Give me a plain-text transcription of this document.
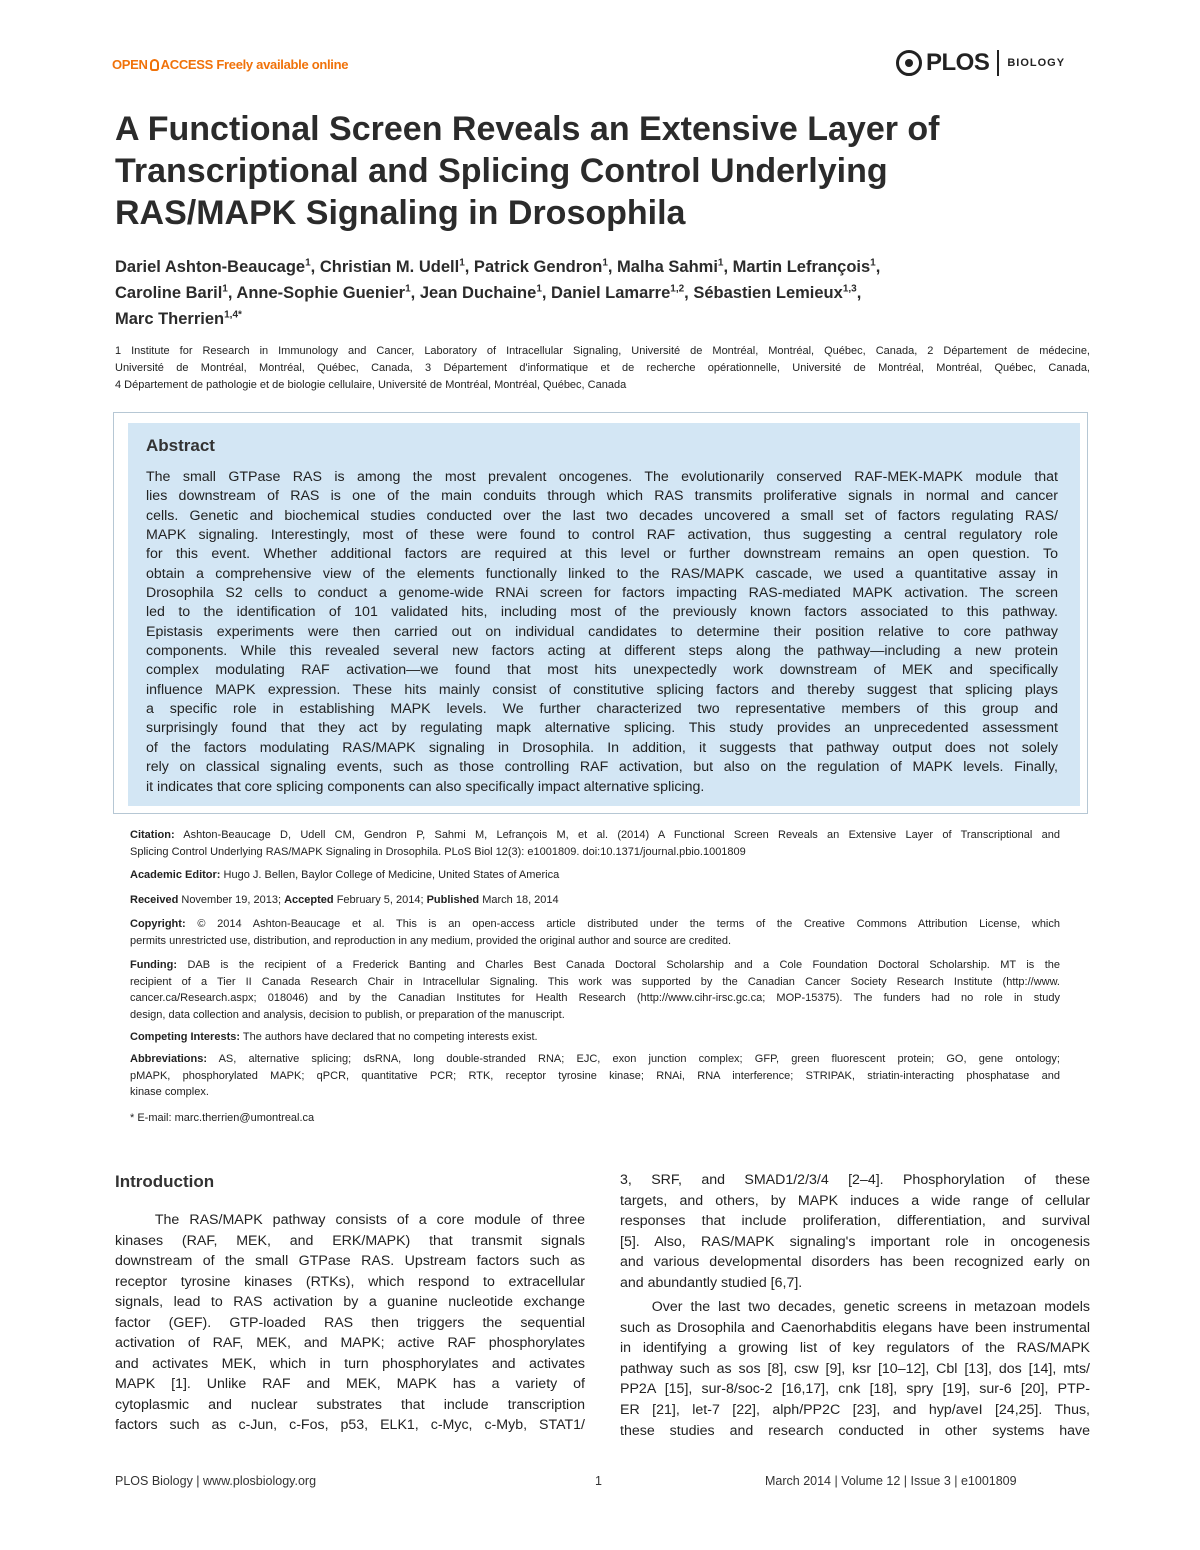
OPEN ACCESS Freely available online	PLOS BIOLOGY
A Functional Screen Reveals an Extensive Layer of
Transcriptional and Splicing Control Underlying
RAS/MAPK Signaling in Drosophila
Dariel Ashton-Beaucage$^1$, Christian M. Udell$^1$, Patrick Gendron$^1$, Malha Sahmi$^1$, Martin Lefrançois$^1$,
Caroline Baril$^1$, Anne-Sophie Guenier$^1$, Jean Duchaine$^1$, Daniel Lamarre$^{1,2}$, Sébastien Lemieux$^{1,3}$,
Marc Therrien$^{1,4*}$
1 Institute for Research in Immunology and Cancer, Laboratory of Intracellular Signaling, Université de Montréal, Montréal, Québec, Canada, 2 Département de médecine,
Université de Montréal, Montréal, Québec, Canada, 3 Département d'informatique et de recherche opérationnelle, Université de Montréal, Montréal, Québec, Canada,
4 Département de pathologie et de biologie cellulaire, Université de Montréal, Montréal, Québec, Canada
Abstract
The small GTPase RAS is among the most prevalent oncogenes. The evolutionarily conserved RAF-MEK-MAPK module that
lies downstream of RAS is one of the main conduits through which RAS transmits proliferative signals in normal and cancer
cells. Genetic and biochemical studies conducted over the last two decades uncovered a small set of factors regulating RAS/
MAPK signaling. Interestingly, most of these were found to control RAF activation, thus suggesting a central regulatory role
for this event. Whether additional factors are required at this level or further downstream remains an open question. To
obtain a comprehensive view of the elements functionally linked to the RAS/MAPK cascade, we used a quantitative assay in
Drosophila S2 cells to conduct a genome-wide RNAi screen for factors impacting RAS-mediated MAPK activation. The screen
led to the identification of 101 validated hits, including most of the previously known factors associated to this pathway.
Epistasis experiments were then carried out on individual candidates to determine their position relative to core pathway
components. While this revealed several new factors acting at different steps along the pathway—including a new protein
complex modulating RAF activation—we found that most hits unexpectedly work downstream of MEK and specifically
influence MAPK expression. These hits mainly consist of constitutive splicing factors and thereby suggest that splicing plays
a specific role in establishing MAPK levels. We further characterized two representative members of this group and
surprisingly found that they act by regulating mapk alternative splicing. This study provides an unprecedented assessment
of the factors modulating RAS/MAPK signaling in Drosophila. In addition, it suggests that pathway output does not solely
rely on classical signaling events, such as those controlling RAF activation, but also on the regulation of MAPK levels. Finally,
it indicates that core splicing components can also specifically impact alternative splicing.
Citation: Ashton-Beaucage D, Udell CM, Gendron P, Sahmi M, Lefrançois M, et al. (2014) A Functional Screen Reveals an Extensive Layer of Transcriptional and
Splicing Control Underlying RAS/MAPK Signaling in Drosophila. PLoS Biol 12(3): e1001809. doi:10.1371/journal.pbio.1001809
Academic Editor: Hugo J. Bellen, Baylor College of Medicine, United States of America
Received November 19, 2013; Accepted February 5, 2014; Published March 18, 2014
Copyright: © 2014 Ashton-Beaucage et al. This is an open-access article distributed under the terms of the Creative Commons Attribution License, which
permits unrestricted use, distribution, and reproduction in any medium, provided the original author and source are credited.
Funding: DAB is the recipient of a Frederick Banting and Charles Best Canada Doctoral Scholarship and a Cole Foundation Doctoral Scholarship. MT is the
recipient of a Tier II Canada Research Chair in Intracellular Signaling. This work was supported by the Canadian Cancer Society Research Institute (http://www.
cancer.ca/Research.aspx; 018046) and by the Canadian Institutes for Health Research (http://www.cihr-irsc.gc.ca; MOP-15375). The funders had no role in study
design, data collection and analysis, decision to publish, or preparation of the manuscript.
Competing Interests: The authors have declared that no competing interests exist.
Abbreviations: AS, alternative splicing; dsRNA, long double-stranded RNA; EJC, exon junction complex; GFP, green fluorescent protein; GO, gene ontology;
pMAPK, phosphorylated MAPK; qPCR, quantitative PCR; RTK, receptor tyrosine kinase; RNAi, RNA interference; STRIPAK, striatin-interacting phosphatase and
kinase complex.
* E-mail: marc.therrien@umontreal.ca
Introduction
The RAS/MAPK pathway consists of a core module of three
kinases (RAF, MEK, and ERK/MAPK) that transmit signals
downstream of the small GTPase RAS. Upstream factors such as
receptor tyrosine kinases (RTKs), which respond to extracellular
signals, lead to RAS activation by a guanine nucleotide exchange
factor (GEF). GTP-loaded RAS then triggers the sequential
activation of RAF, MEK, and MAPK; active RAF phosphorylates
and activates MEK, which in turn phosphorylates and activates
MAPK [1]. Unlike RAF and MEK, MAPK has a variety of
cytoplasmic and nuclear substrates that include transcription
factors such as c-Jun, c-Fos, p53, ELK1, c-Myc, c-Myb, STAT1/
3, SRF, and SMAD1/2/3/4 [2–4]. Phosphorylation of these
targets, and others, by MAPK induces a wide range of cellular
responses that include proliferation, differentiation, and survival
[5]. Also, RAS/MAPK signaling's important role in oncogenesis
and various developmental disorders has been recognized early on
and abundantly studied [6,7].
Over the last two decades, genetic screens in metazoan models
such as Drosophila and Caenorhabditis elegans have been instrumental
in identifying a growing list of key regulators of the RAS/MAPK
pathway such as sos [8], csw [9], ksr [10–12], Cbl [13], dos [14], mts/
PP2A [15], sur-8/soc-2 [16,17], cnk [18], spry [19], sur-6 [20], PTP-
ER [21], let-7 [22], alph/PP2C [23], and hyp/aveI [24,25]. Thus,
these studies and research conducted in other systems have
PLOS Biology | www.plosbiology.org	1	March 2014 | Volume 12 | Issue 3 | e1001809
